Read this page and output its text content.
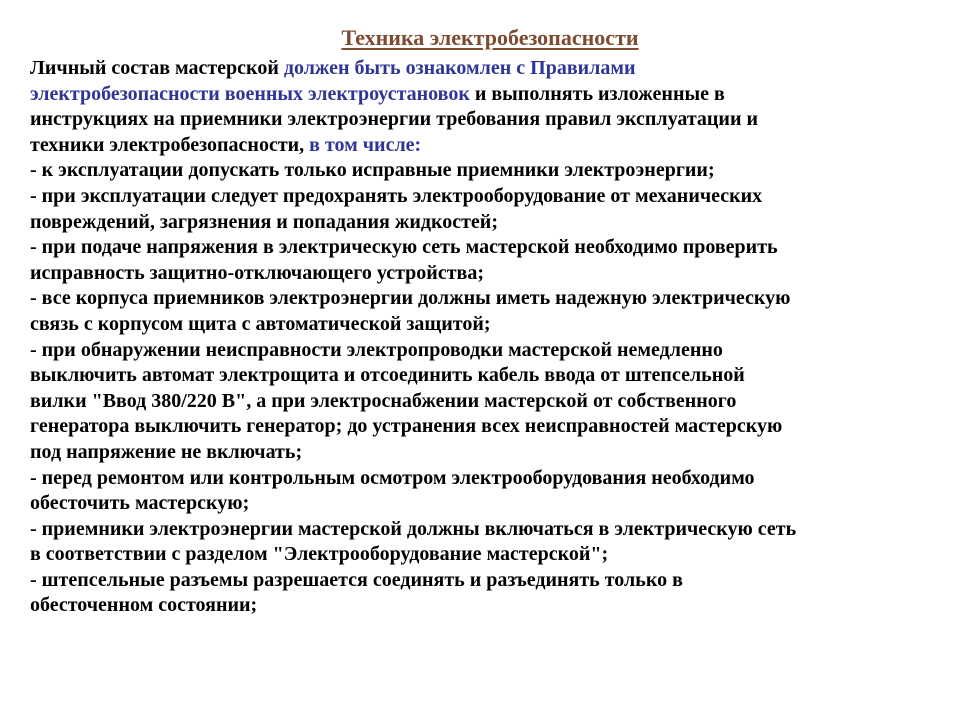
Техника электробезопасности
Личный состав мастерской должен быть ознакомлен с Правилами
электробезопасности военных электроустановок и выполнять изложенные в
инструкциях на приемники электроэнергии требования правил эксплуатации и
техники электробезопасности, в том числе:
- к эксплуатации допускать только исправные приемники электроэнергии;
- при эксплуатации следует предохранять электрооборудование от механических
повреждений, загрязнения и попадания жидкостей;
- при подаче напряжения в электрическую сеть мастерской необходимо проверить
исправность защитно-отключающего устройства;
- все корпуса приемников электроэнергии должны иметь надежную электрическую
связь с корпусом щита с автоматической защитой;
- при обнаружении неисправности электропроводки мастерской немедленно
выключить автомат электрощита и отсоединить кабель ввода от штепсельной
вилки "Ввод 380/220 В", а при электроснабжении мастерской от собственного
генератора выключить генератор; до устранения всех неисправностей мастерскую
под напряжение не включать;
- перед ремонтом или контрольным осмотром электрооборудования необходимо
обесточить мастерскую;
- приемники электроэнергии мастерской должны включаться в электрическую сеть
в соответствии с разделом "Электрооборудование мастерской";
- штепсельные разъемы разрешается соединять и разъединять только в
обесточенном состоянии;
